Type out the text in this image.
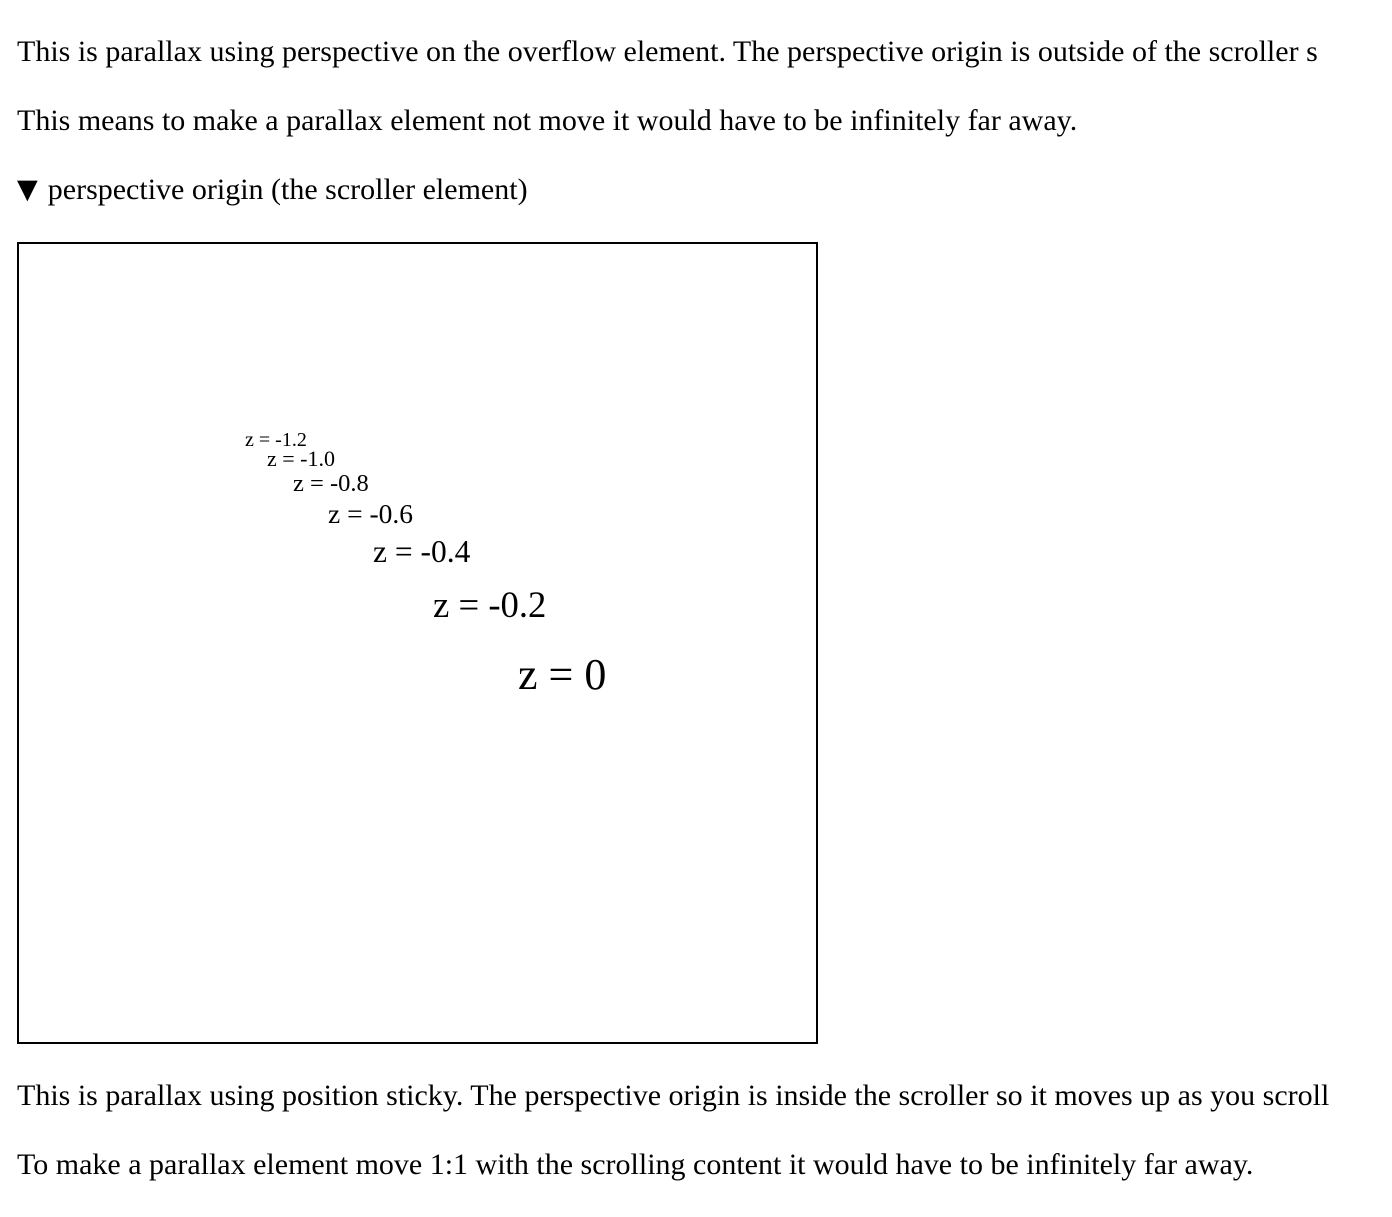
This is parallax using perspective on the overflow element. The perspective origin is outside of the scroller s

This means to make a parallax element not move it would have to be infinitely far away.

▼ perspective origin (the scroller element)
z = -1.2
z = -1.0
z = -0.8
z = -0.6
z = -0.4
z = -0.2
z = 0

This is parallax using position sticky. The perspective origin is inside the scroller so it moves up as you scroll

To make a parallax element move 1:1 with the scrolling content it would have to be infinitely far away.
